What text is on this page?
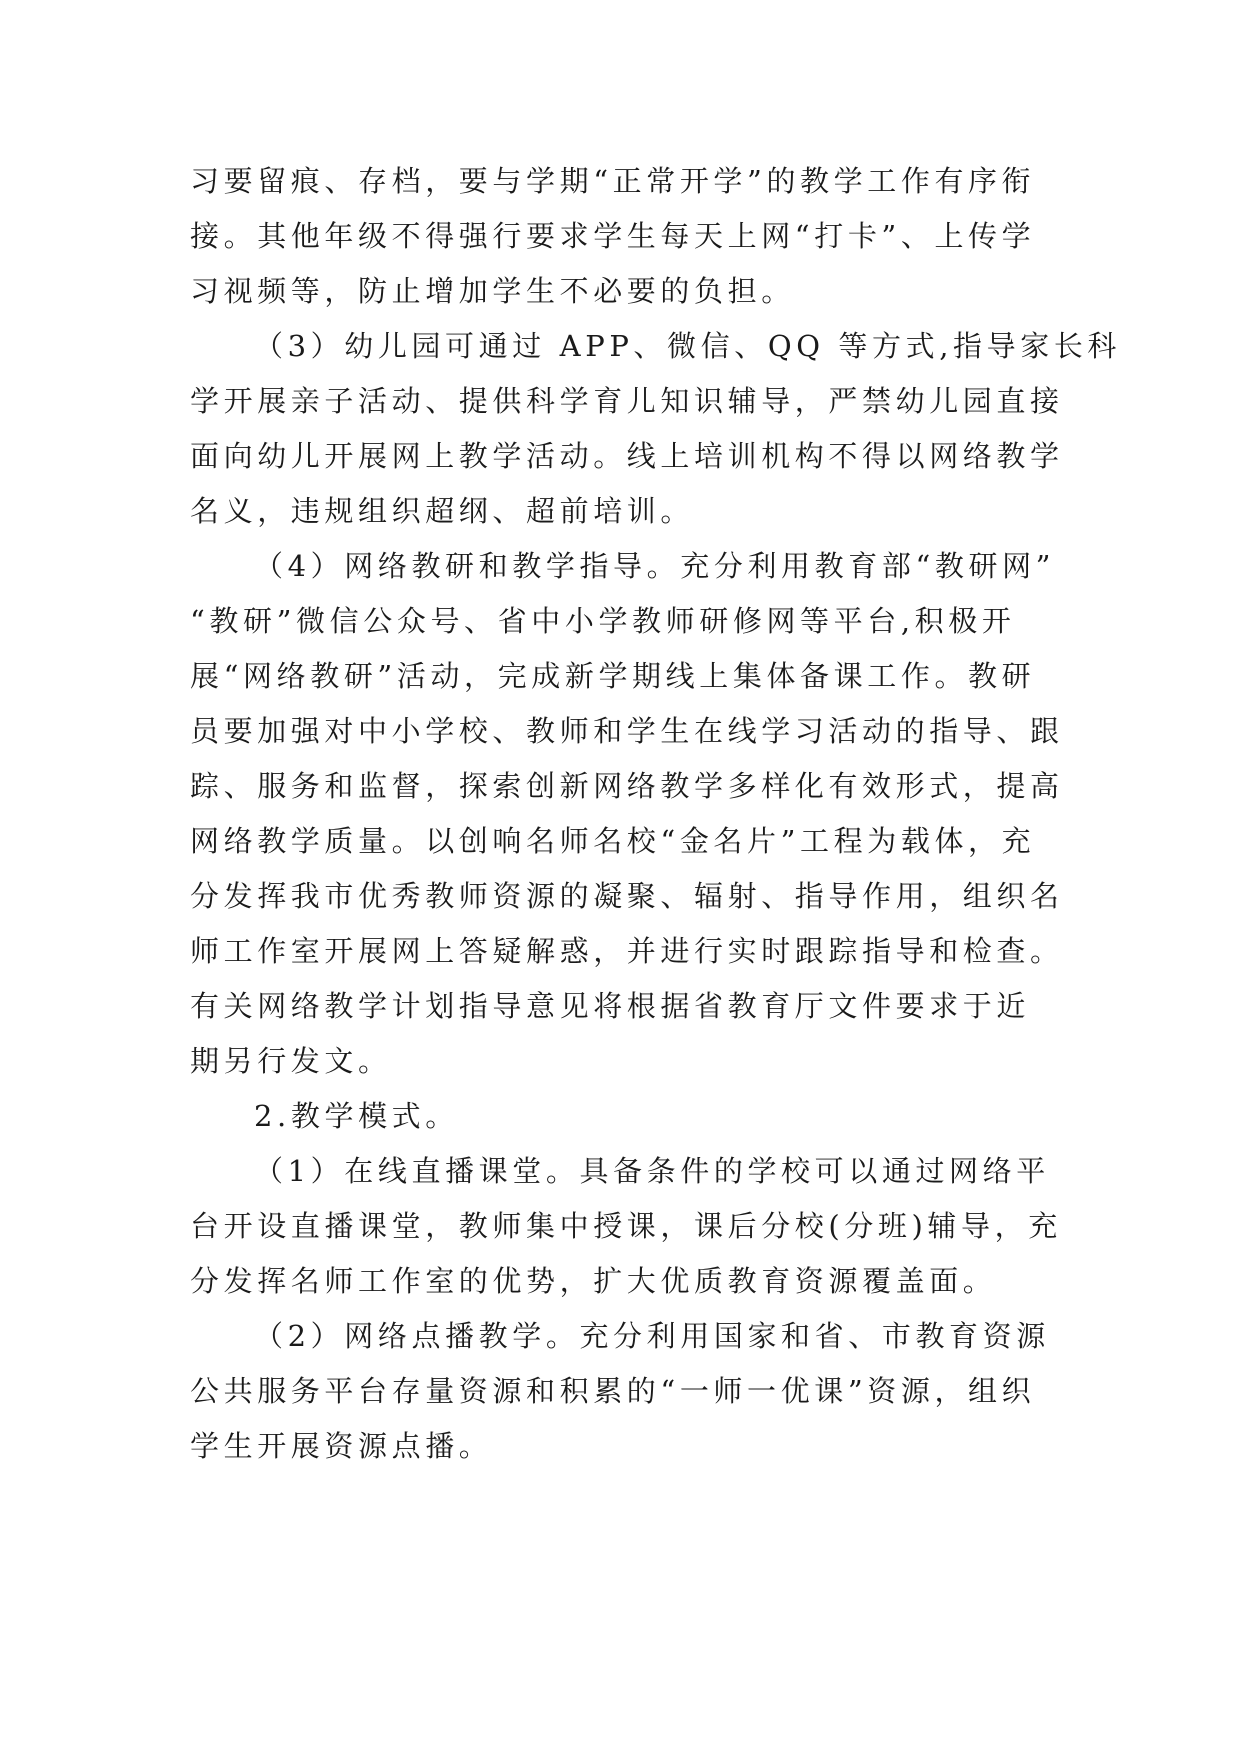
习要留痕、存档，要与学期“正常开学”的教学工作有序衔
接。其他年级不得强行要求学生每天上网“打卡”、上传学
习视频等，防止增加学生不必要的负担。
（3）幼儿园可通过 APP、微信、QQ 等方式,指导家长科
学开展亲子活动、提供科学育儿知识辅导，严禁幼儿园直接
面向幼儿开展网上教学活动。线上培训机构不得以网络教学
名义，违规组织超纲、超前培训。
（4）网络教研和教学指导。充分利用教育部“教研网”
“教研”微信公众号、省中小学教师研修网等平台,积极开
展“网络教研”活动，完成新学期线上集体备课工作。教研
员要加强对中小学校、教师和学生在线学习活动的指导、跟
踪、服务和监督，探索创新网络教学多样化有效形式，提高
网络教学质量。以创响名师名校“金名片”工程为载体，充
分发挥我市优秀教师资源的凝聚、辐射、指导作用，组织名
师工作室开展网上答疑解惑，并进行实时跟踪指导和检查。
有关网络教学计划指导意见将根据省教育厅文件要求于近
期另行发文。
2.教学模式。
（1）在线直播课堂。具备条件的学校可以通过网络平
台开设直播课堂，教师集中授课，课后分校(分班)辅导，充
分发挥名师工作室的优势，扩大优质教育资源覆盖面。
（2）网络点播教学。充分利用国家和省、市教育资源
公共服务平台存量资源和积累的“一师一优课”资源，组织
学生开展资源点播。
